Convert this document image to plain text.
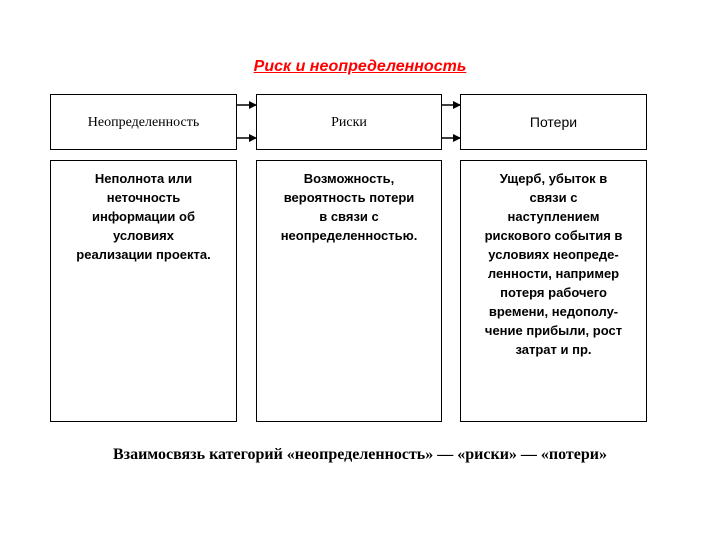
Риск и неопределенность
Неопределенность	Риски	Потери
Неполнота или
неточность
информации об
условиях
реализации проекта.
Возможность,
вероятность потери
в связи с
неопределенностью.
Ущерб, убыток в
связи с
наступлением
рискового события в
условиях неопреде-
ленности, например
потеря рабочего
времени, недополу-
чение прибыли, рост
затрат и пр.
Взаимосвязь категорий «неопределенность» — «риски» — «потери»
